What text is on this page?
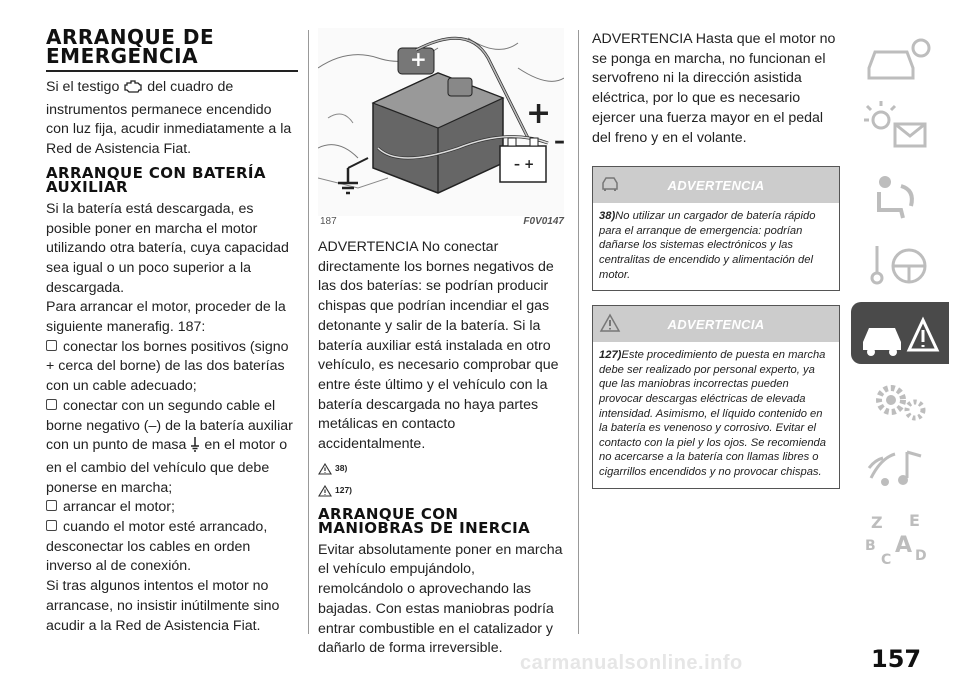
ARRANQUE DE EMERGENCIA

Si el testigo del cuadro de instrumentos permanece encendido con luz fija, acudir inmediatamente a la Red de Asistencia Fiat.

ARRANQUE CON BATERÍA AUXILIAR

Si la batería está descargada, es posible poner en marcha el motor utilizando otra batería, cuya capacidad sea igual o un poco superior a la descargada.

Para arrancar el motor, proceder de la siguiente manerafig. 187:

conectar los bornes positivos (signo + cerca del borne) de las dos baterías con un cable adecuado;

conectar con un segundo cable el borne negativo (–) de la batería auxiliar con un punto de masa en el motor o en el cambio del vehículo que debe ponerse en marcha;

arrancar el motor;

cuando el motor esté arrancado, desconectar los cables en orden inverso al de conexión.

Si tras algunos intentos el motor no arrancase, no insistir inútilmente sino acudir a la Red de Asistencia Fiat.

+
– +
+
–
187	F0V0147

ADVERTENCIA No conectar directamente los bornes negativos de las dos baterías: se podrían producir chispas que podrían incendiar el gas detonante y salir de la batería. Si la batería auxiliar está instalada en otro vehículo, es necesario comprobar que entre éste último y el vehículo con la batería descargada no haya partes metálicas en contacto accidentalmente.

38)
127)
ARRANQUE CON MANIOBRAS DE INERCIA

Evitar absolutamente poner en marcha el vehículo empujándolo, remolcándolo o aprovechando las bajadas. Con estas maniobras podría entrar combustible en el catalizador y dañarlo de forma irreversible.

ADVERTENCIA Hasta que el motor no se ponga en marcha, no funcionan el servofreno ni la dirección asistida eléctrica, por lo que es necesario ejercer una fuerza mayor en el pedal del freno y en el volante.

ADVERTENCIA
38)No utilizar un cargador de batería rápido para el arranque de emergencia: podrían dañarse los sistemas electrónicos y las centralitas de encendido y alimentación del motor.
ADVERTENCIA
127)Este procedimiento de puesta en marcha debe ser realizado por personal experto, ya que las maniobras incorrectas pueden provocar descargas eléctricas de elevada intensidad. Asimismo, el líquido contenido en la batería es venenoso y corrosivo. Evitar el contacto con la piel y los ojos. Se recomienda no acercarse a la batería con llamas libres o cigarrillos encendidos y no provocar chispas.
Z E
B A
C D
carmanualsonline.info	157
